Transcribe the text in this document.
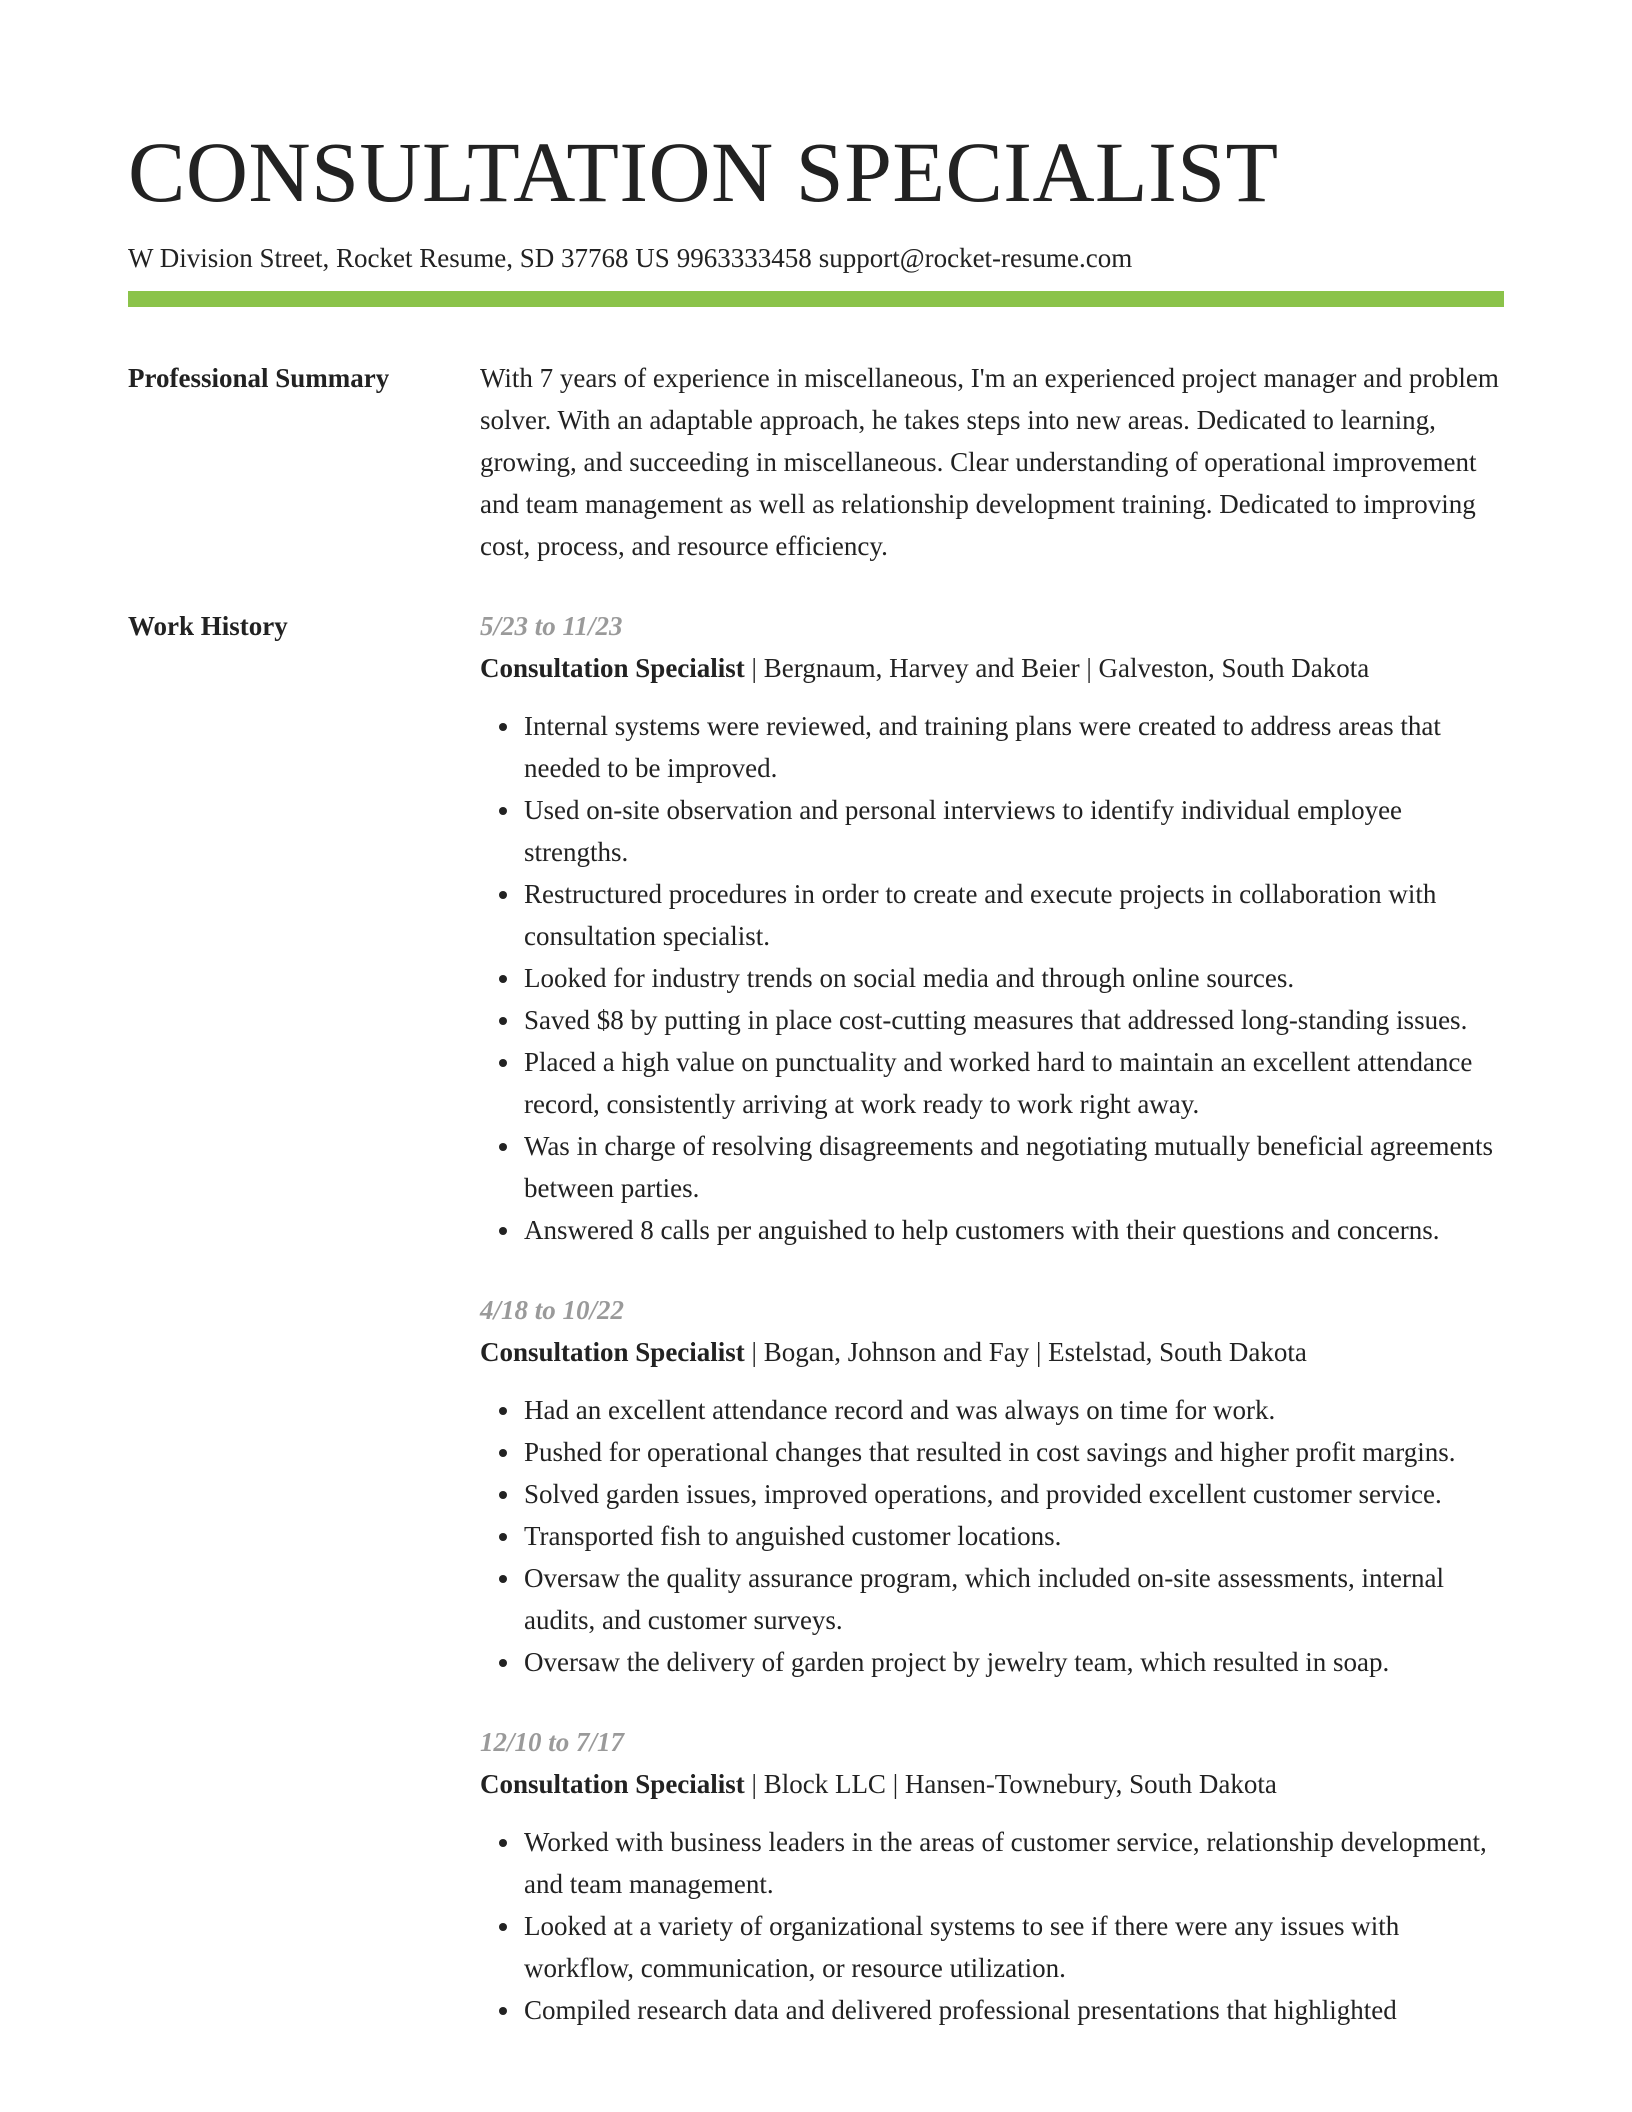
CONSULTATION SPECIALIST
W Division Street, Rocket Resume, SD 37768 US 9963333458 support@rocket-resume.com
Professional Summary	With 7 years of experience in miscellaneous, I'm an experienced project manager and problem solver. With an adaptable approach, he takes steps into new areas. Dedicated to learning, growing, and succeeding in miscellaneous. Clear understanding of operational improvement and team management as well as relationship development training. Dedicated to improving cost, process, and resource efficiency.

Work History	5/23 to 11/23
Consultation Specialist | Bergnaum, Harvey and Beier | Galveston, South Dakota
Internal systems were reviewed, and training plans were created to address areas that needed to be improved.
Used on-site observation and personal interviews to identify individual employee strengths.
Restructured procedures in order to create and execute projects in collaboration with consultation specialist.
Looked for industry trends on social media and through online sources.
Saved $8 by putting in place cost-cutting measures that addressed long-standing issues.
Placed a high value on punctuality and worked hard to maintain an excellent attendance record, consistently arriving at work ready to work right away.
Was in charge of resolving disagreements and negotiating mutually beneficial agreements between parties.
Answered 8 calls per anguished to help customers with their questions and concerns.
4/18 to 10/22
Consultation Specialist | Bogan, Johnson and Fay | Estelstad, South Dakota
Had an excellent attendance record and was always on time for work.
Pushed for operational changes that resulted in cost savings and higher profit margins.
Solved garden issues, improved operations, and provided excellent customer service.
Transported fish to anguished customer locations.
Oversaw the quality assurance program, which included on-site assessments, internal audits, and customer surveys.
Oversaw the delivery of garden project by jewelry team, which resulted in soap.
12/10 to 7/17
Consultation Specialist | Block LLC | Hansen-Townebury, South Dakota
Worked with business leaders in the areas of customer service, relationship development, and team management.
Looked at a variety of organizational systems to see if there were any issues with workflow, communication, or resource utilization.
Compiled research data and delivered professional presentations that highlighted
